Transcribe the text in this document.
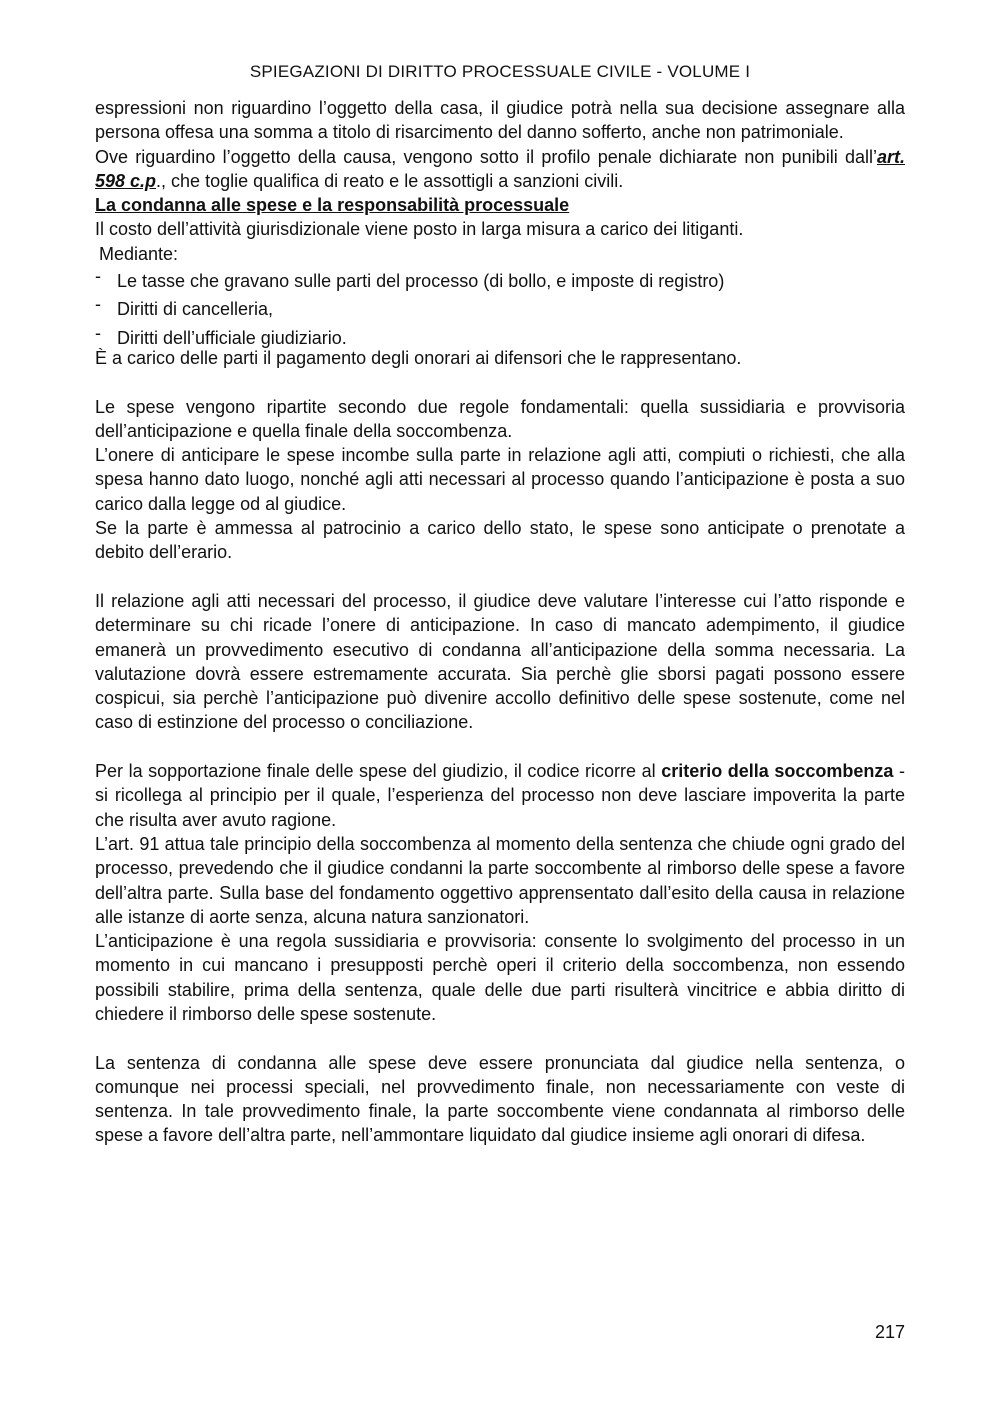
SPIEGAZIONI DI DIRITTO PROCESSUALE CIVILE - VOLUME I

espressioni non riguardino l’oggetto della casa, il giudice potrà nella sua decisione assegnare alla persona offesa una somma a titolo di risarcimento del danno sofferto, anche non patrimoniale.

Ove riguardino l’oggetto della causa, vengono sotto il profilo penale dichiarate non punibili dall’art. 598 c.p., che toglie qualifica di reato e le assottigli a sanzioni civili.

La condanna alle spese e la responsabilità processuale

Il costo dell’attività giurisdizionale viene posto in larga misura a carico dei litiganti.

Mediante:

- Le tasse che gravano sulle parti del processo (di bollo, e imposte di registro)
- Diritti di cancelleria,
- Diritti dell’ufficiale giudiziario.

È a carico delle parti il pagamento degli onorari ai difensori che le rappresentano.

Le spese vengono ripartite secondo due regole fondamentali: quella sussidiaria e provvisoria dell’anticipazione e quella finale della soccombenza.

L’onere di anticipare le spese incombe sulla parte in relazione agli atti, compiuti o richiesti, che alla spesa hanno dato luogo, nonché agli atti necessari al processo quando l’anticipazione è posta a suo carico dalla legge od al giudice.

Se la parte è ammessa al patrocinio a carico dello stato, le spese sono anticipate o prenotate a debito dell’erario.

Il relazione agli atti necessari del processo, il giudice deve valutare l’interesse cui l’atto risponde e determinare su chi ricade l’onere di anticipazione. In caso di mancato adempimento, il giudice emanerà un provvedimento esecutivo di condanna all’anticipazione della somma necessaria. La valutazione dovrà essere estremamente accurata. Sia perchè glie sborsi pagati possono essere cospicui, sia perchè l’anticipazione può divenire accollo definitivo delle spese sostenute, come nel caso di estinzione del processo o conciliazione.

Per la sopportazione finale delle spese del giudizio, il codice ricorre al criterio della soccombenza - si ricollega al principio per il quale, l’esperienza del processo non deve lasciare impoverita la parte che risulta aver avuto ragione.

L’art. 91 attua tale principio della soccombenza al momento della sentenza che chiude ogni grado del processo, prevedendo che il giudice condanni la parte soccombente al rimborso delle spese a favore dell’altra parte. Sulla base del fondamento oggettivo apprensentato dall’esito della causa in relazione alle istanze di aorte senza, alcuna natura sanzionatori.

L’anticipazione è una regola sussidiaria e provvisoria: consente lo svolgimento del processo in un momento in cui mancano i presupposti perchè operi il criterio della soccombenza, non essendo possibili stabilire, prima della sentenza, quale delle due parti risulterà vincitrice e abbia diritto di chiedere il rimborso delle spese sostenute.

La sentenza di condanna alle spese deve essere pronunciata dal giudice nella sentenza, o comunque nei processi speciali, nel provvedimento finale, non necessariamente con veste di sentenza. In tale provvedimento finale, la parte soccombente viene condannata al rimborso delle spese a favore dell’altra parte, nell’ammontare liquidato dal giudice insieme agli onorari di difesa.

217
